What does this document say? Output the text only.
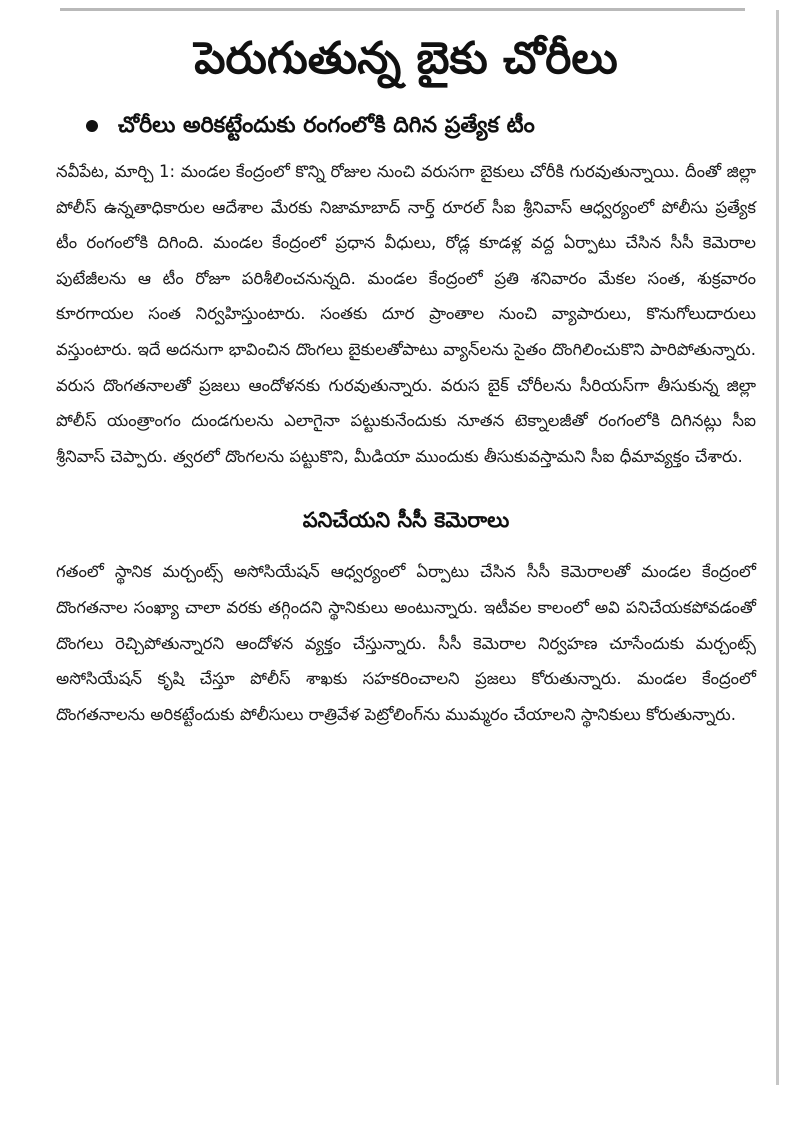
పెరుగుతున్న బైకు చోరీలు
చోరీలు అరికట్టేందుకు రంగంలోకి దిగిన ప్రత్యేక టీం

నవీపేట, మార్చి 1: మండల కేంద్రంలో కొన్ని రోజుల నుంచి వరుసగా బైకులు చోరీకి గురవుతున్నాయి. దీంతో జిల్లా పోలీస్ ఉన్నతాధికారుల ఆదేశాల మేరకు నిజామాబాద్ నార్త్ రూరల్ సీఐ శ్రీనివాస్ ఆధ్వర్యంలో పోలీసు ప్రత్యేక టీం రంగంలోకి దిగింది. మండల కేంద్రంలో ప్రధాన వీధులు, రోడ్ల కూడళ్ల వద్ద ఏర్పాటు చేసిన సీసీ కెమెరాల పుటేజీలను ఆ టీం రోజూ పరిశీలించనున్నది. మండల కేంద్రంలో ప్రతి శనివారం మేకల సంత, శుక్రవారం కూరగాయల సంత నిర్వహిస్తుంటారు. సంతకు దూర ప్రాంతాల నుంచి వ్యాపారులు, కొనుగోలుదారులు వస్తుంటారు. ఇదే అదనుగా భావించిన దొంగలు బైకులతోపాటు వ్యాన్‌లను సైతం దొంగిలించుకొని పారిపోతున్నారు. వరుస దొంగతనాలతో ప్రజలు ఆందోళనకు గురవుతున్నారు. వరుస బైక్ చోరీలను సీరియస్‌గా తీసుకున్న జిల్లా పోలీస్ యంత్రాంగం దుండగులను ఎలాగైనా పట్టుకునేందుకు నూతన టెక్నాలజీతో రంగంలోకి దిగినట్లు సీఐ శ్రీనివాస్ చెప్పారు. త్వరలో దొంగలను పట్టుకొని, మీడియా ముందుకు తీసుకువస్తామని సీఐ ధీమావ్యక్తం చేశారు.

పనిచేయని సీసీ కెమెరాలు

గతంలో స్థానిక మర్చంట్స్ అసోసియేషన్ ఆధ్వర్యంలో ఏర్పాటు చేసిన సీసీ కెమెరాలతో మండల కేంద్రంలో దొంగతనాల సంఖ్యా చాలా వరకు తగ్గిందని స్థానికులు అంటున్నారు. ఇటీవల కాలంలో అవి పనిచేయకపోవడంతో దొంగలు రెచ్చిపోతున్నారని ఆందోళన వ్యక్తం చేస్తున్నారు. సీసీ కెమెరాల నిర్వహణ చూసేందుకు మర్చంట్స్ అసోసియేషన్ కృషి చేస్తూ పోలీస్ శాఖకు సహకరించాలని ప్రజలు కోరుతున్నారు. మండల కేంద్రంలో దొంగతనాలను అరికట్టేందుకు పోలీసులు రాత్రివేళ పెట్రోలింగ్‌ను ముమ్మరం చేయాలని స్థానికులు కోరుతున్నారు.
